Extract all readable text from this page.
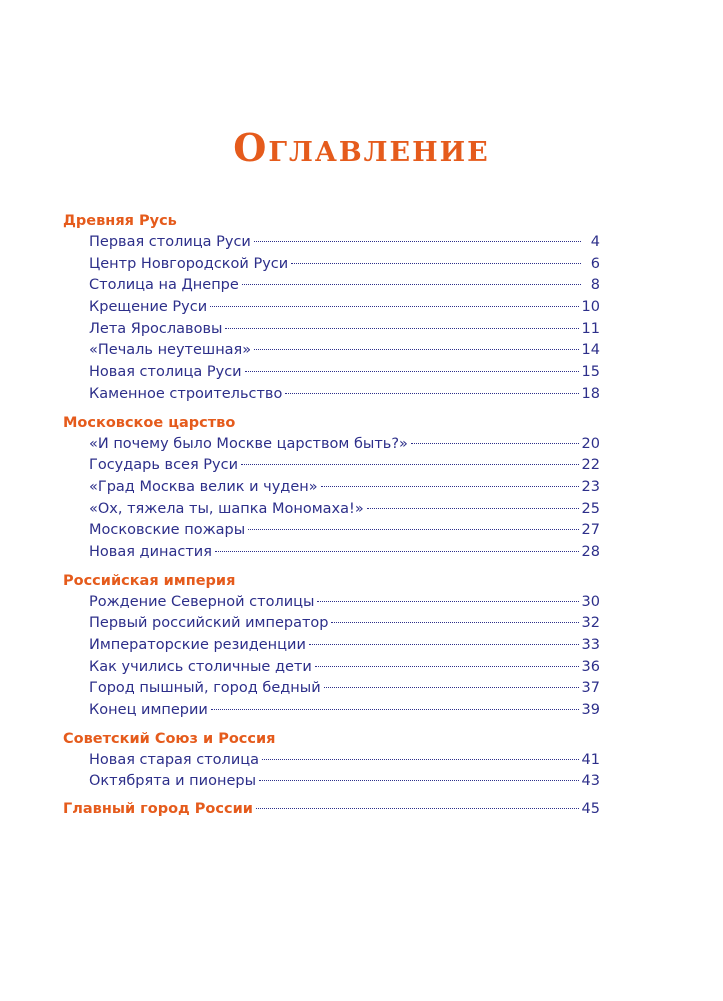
Оглавление
Древняя Русь
Первая столица Руси	4
Центр Новгородской Руси	6
Столица на Днепре	8
Крещение Руси	10
Лета Ярославовы	11
«Печаль неутешная»	14
Новая столица Руси	15
Каменное строительство	18
Московское царство
«И почему было Москве царством быть?»	20
Государь всея Руси	22
«Град Москва велик и чуден»	23
«Ох, тяжела ты, шапка Мономаха!»	25
Московские пожары	27
Новая династия	28
Российская империя
Рождение Северной столицы	30
Первый российский император	32
Императорские резиденции	33
Как учились столичные дети	36
Город пышный, город бедный	37
Конец империи	39
Советский Союз и Россия
Новая старая столица	41
Октябрята и пионеры	43
Главный город России	45
